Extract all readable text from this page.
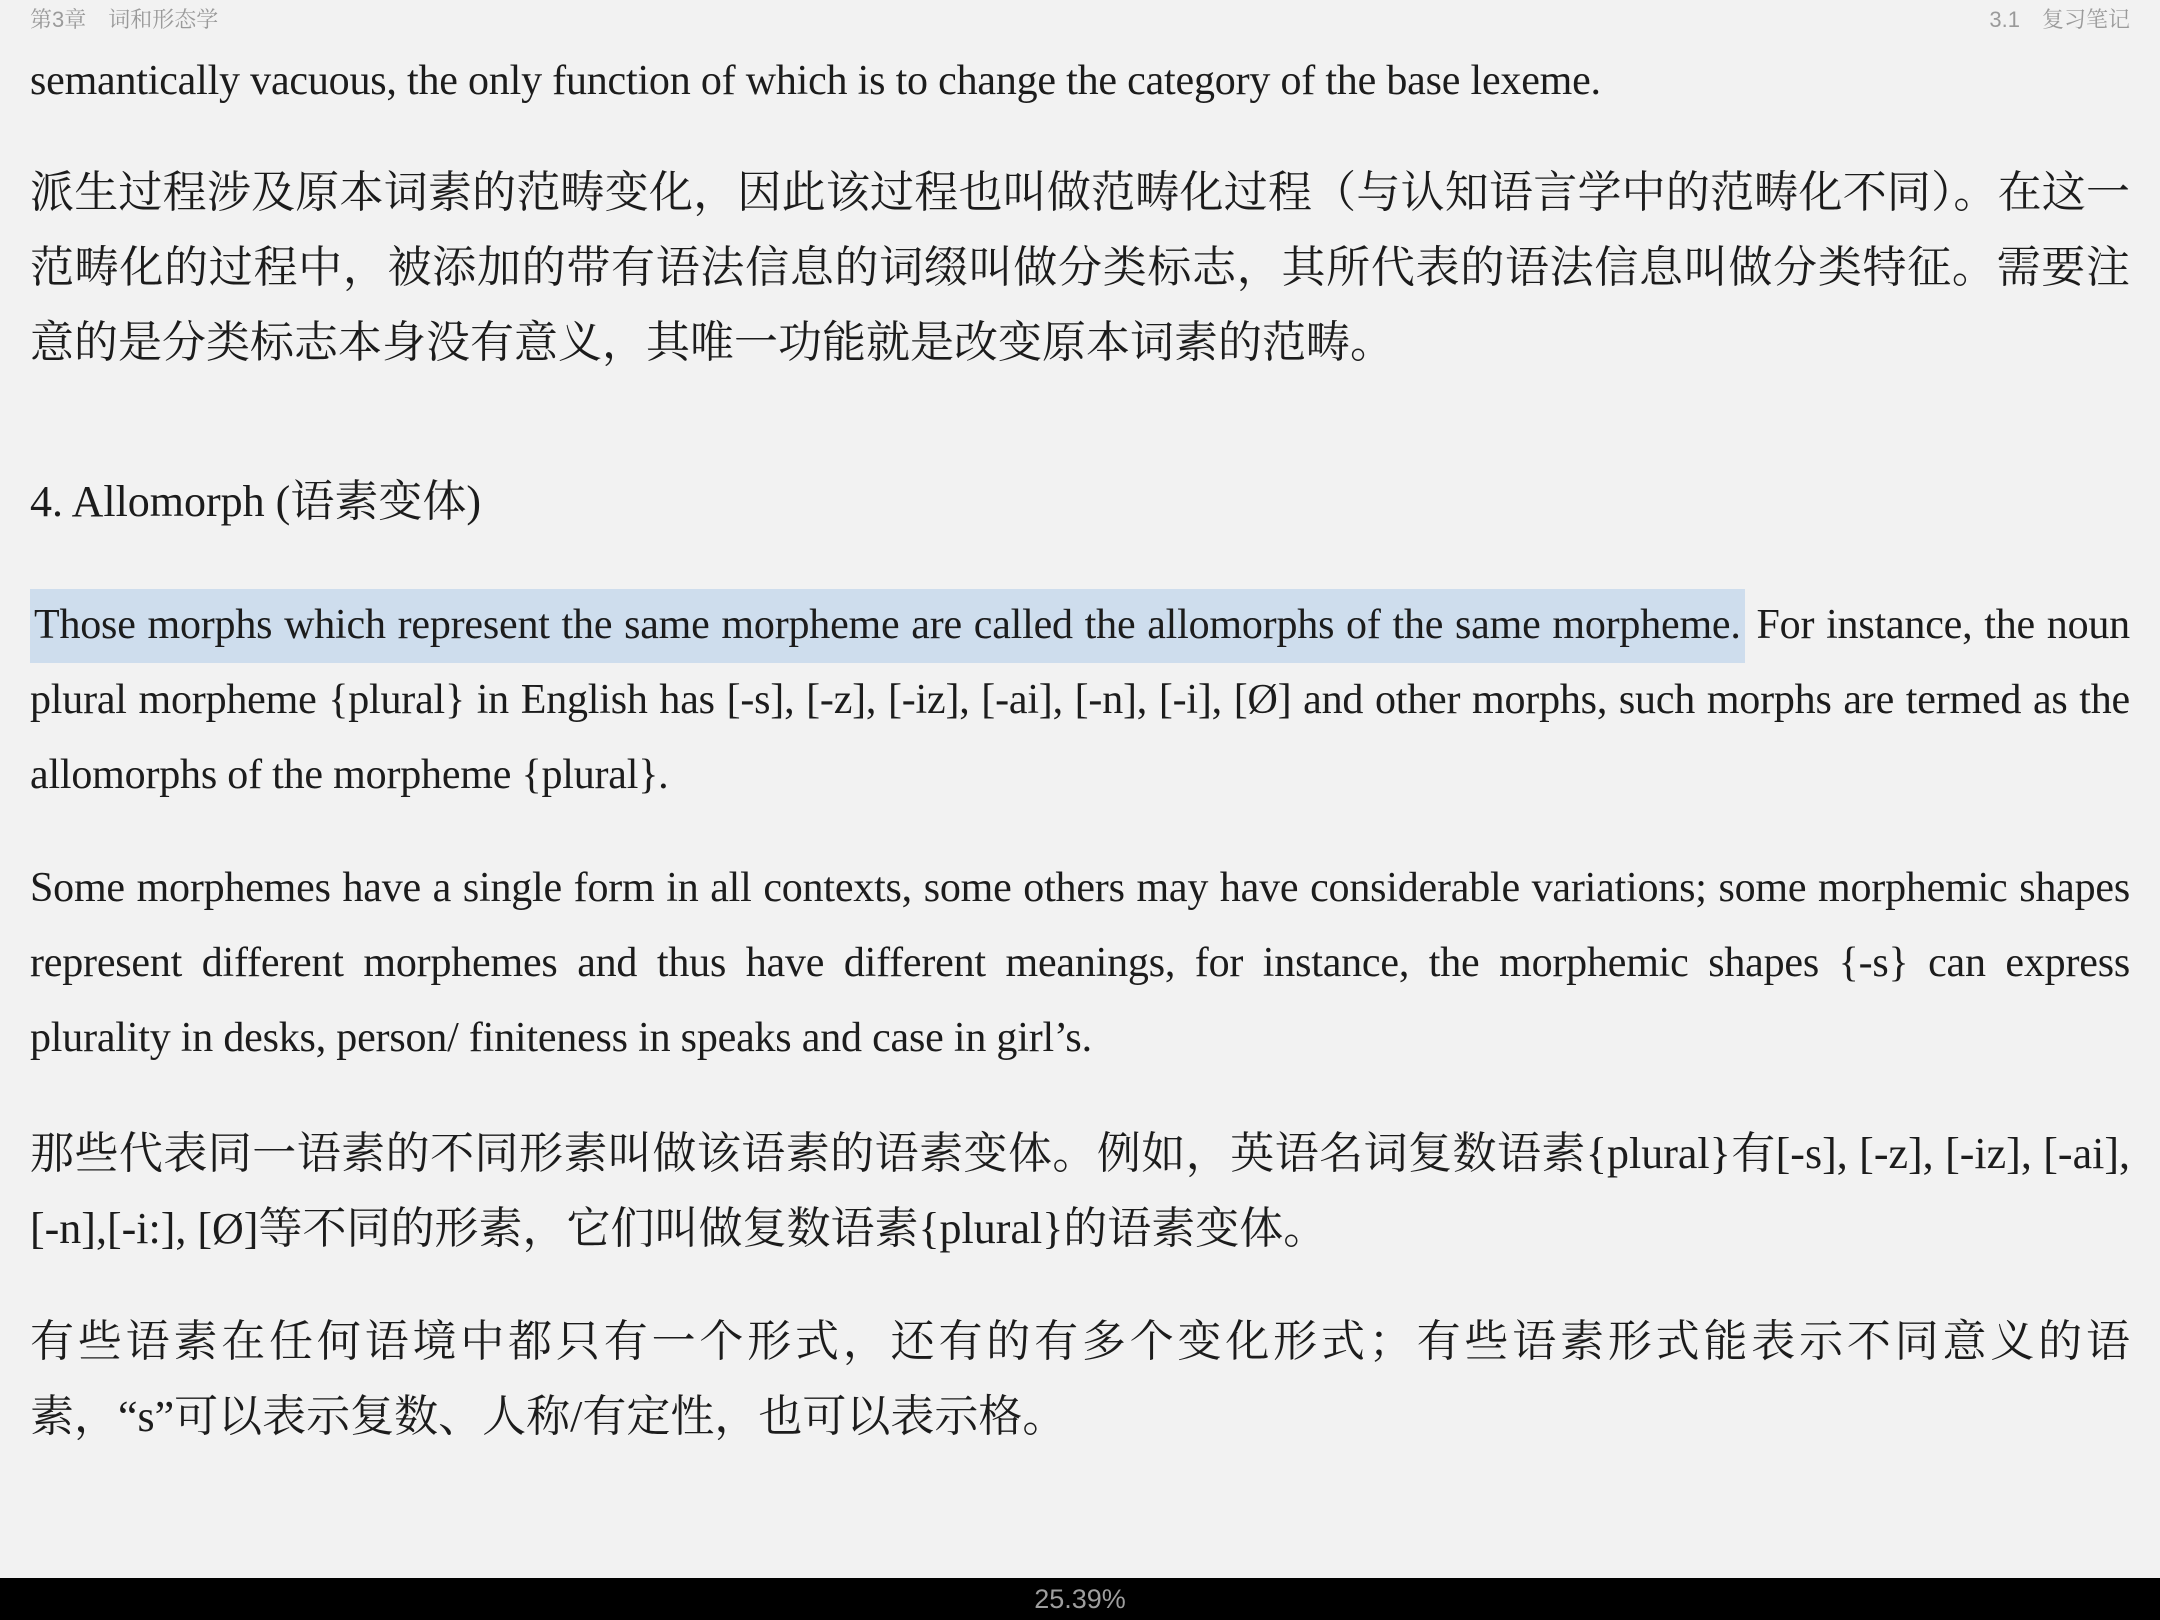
第3章　词和形态学	3.1　复习笔记

semantically vacuous, the only function of which is to change the category of the base lexeme.

派生过程涉及原本词素的范畴变化，因此该过程也叫做范畴化过程（与认知语言学中的范畴化不同）。在这一范畴化的过程中，被添加的带有语法信息的词缀叫做分类标志，其所代表的语法信息叫做分类特征。需要注意的是分类标志本身没有意义，其唯一功能就是改变原本词素的范畴。

4. Allomorph (语素变体)

Those morphs which represent the same morpheme are called the allomorphs of the same morpheme. For instance, the noun plural morpheme {plural} in English has [-s], [-z], [-iz], [-ai], [-n], [-i], [Ø] and other morphs, such morphs are termed as the allomorphs of the morpheme {plural}.

Some morphemes have a single form in all contexts, some others may have considerable variations; some morphemic shapes represent different morphemes and thus have different meanings, for instance, the morphemic shapes {-s} can express plurality in desks, person/ finiteness in speaks and case in girl’s.

那些代表同一语素的不同形素叫做该语素的语素变体。例如，英语名词复数语素{plural}有[-s], [-z], [-iz], [-ai], [-n],[-i:], [Ø]等不同的形素，它们叫做复数语素{plural}的语素变体。

有些语素在任何语境中都只有一个形式，还有的有多个变化形式；有些语素形式能表示不同意义的语素，“s”可以表示复数、人称/有定性，也可以表示格。

25.39%
